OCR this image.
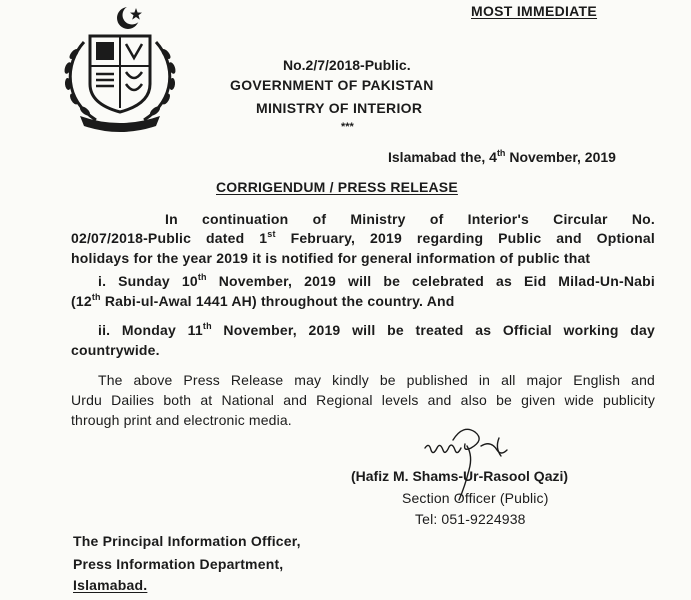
MOST IMMEDIATE
No.2/7/2018-Public.
GOVERNMENT OF PAKISTAN
MINISTRY OF INTERIOR
***
Islamabad the, 4th November, 2019
CORRIGENDUM / PRESS RELEASE
In continuation of Ministry of Interior's Circular No.
02/07/2018-Public dated 1st February, 2019 regarding Public and Optional
holidays for the year 2019 it is notified for general information of public that
i. Sunday 10th November, 2019 will be celebrated as Eid Milad-Un-Nabi
(12th Rabi-ul-Awal 1441 AH) throughout the country. And
ii. Monday 11th November, 2019 will be treated as Official working day
countrywide.
The above Press Release may kindly be published in all major English and
Urdu Dailies both at National and Regional levels and also be given wide publicity
through print and electronic media.
(Hafiz M. Shams-Ur-Rasool Qazi)
Section Officer (Public)
Tel: 051-9224938
The Principal Information Officer,
Press Information Department,
Islamabad.
